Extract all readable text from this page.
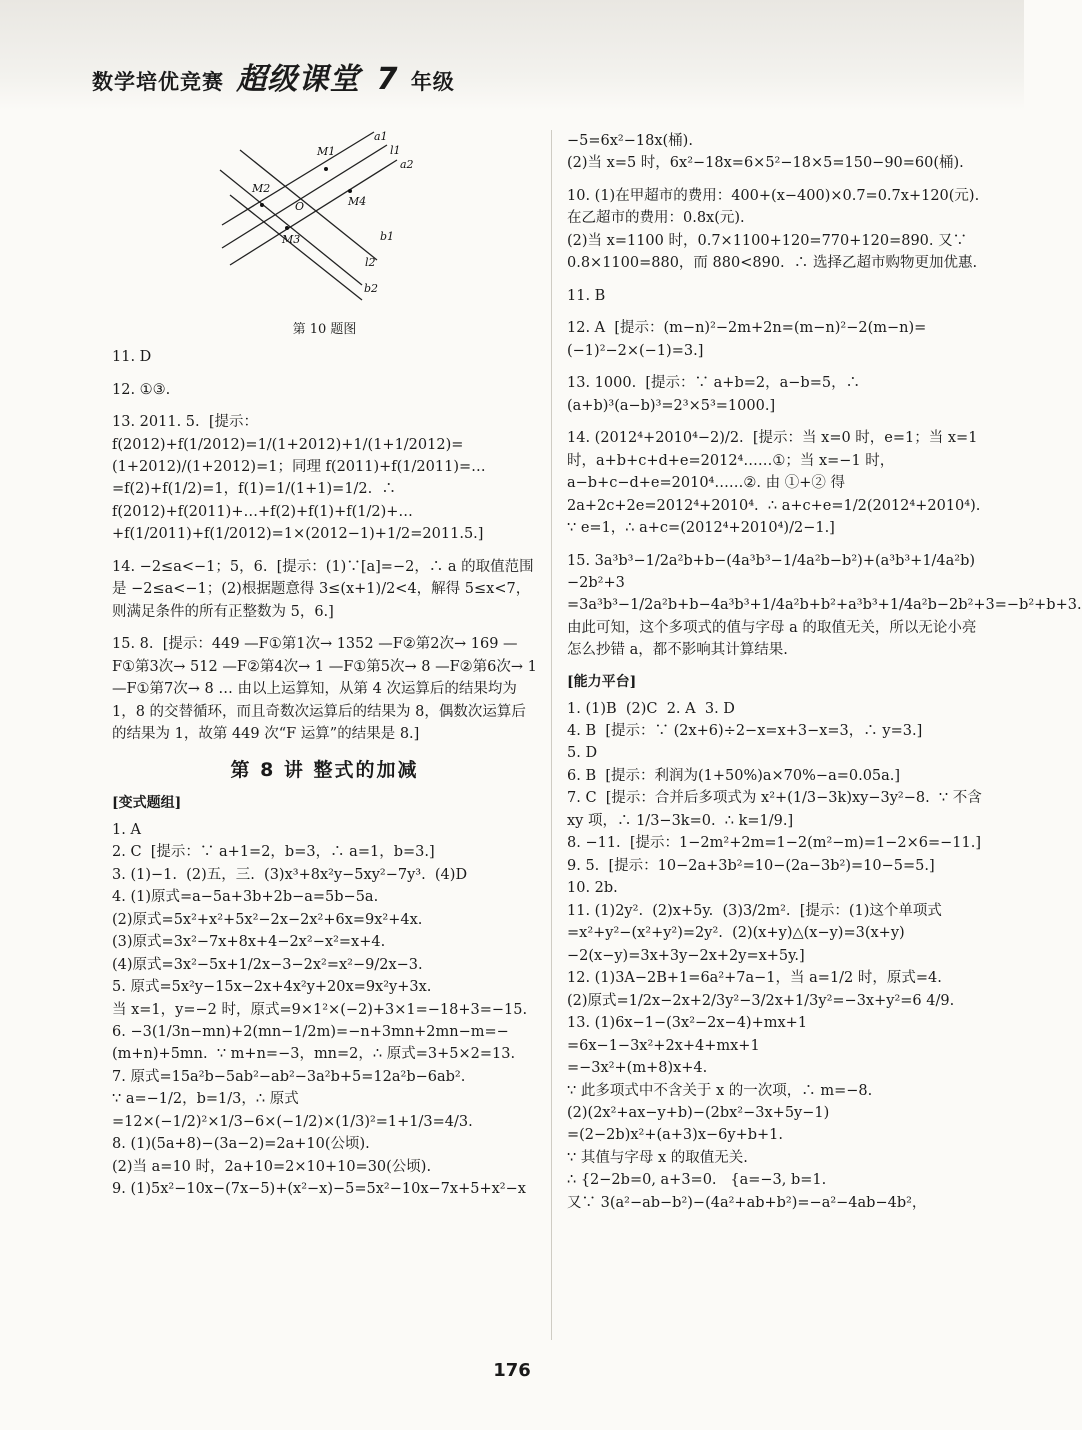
数学培优竞赛 超级课堂 7 年级
a1
l1
a2
M1
M2
O	M4
M3	b1
l2
b2

第 10 题图

11. D

12. ①③.

13. 2011. 5.  [提示：f(2012)+f(1/2012)=1/(1+2012)+1/(1+1/2012)=(1+2012)/(1+2012)=1；同理 f(2011)+f(1/2011)=…=f(2)+f(1/2)=1，f(1)=1/(1+1)=1/2.  ∴ f(2012)+f(2011)+…+f(2)+f(1)+f(1/2)+…+f(1/2011)+f(1/2012)=1×(2012−1)+1/2=2011.5.]

14. −2≤a<−1；5，6.  [提示：(1)∵[a]=−2，∴ a 的取值范围是 −2≤a<−1；(2)根据题意得 3≤(x+1)/2<4，解得 5≤x<7，则满足条件的所有正整数为 5，6.]

15. 8.  [提示：449 —F①第1次→ 1352 —F②第2次→ 169 —F①第3次→ 512 —F②第4次→ 1 —F①第5次→ 8 —F②第6次→ 1 —F①第7次→ 8 … 由以上运算知，从第 4 次运算后的结果均为 1，8 的交替循环，而且奇数次运算后的结果为 8，偶数次运算后的结果为 1，故第 449 次“F 运算”的结果是 8.]

第 8 讲 整式的加减
[变式题组]

1. A

2. C  [提示：∵ a+1=2，b=3，∴ a=1，b=3.]

3. (1)−1.  (2)五，三.  (3)x³+8x²y−5xy²−7y³.  (4)D

4. (1)原式=a−5a+3b+2b−a=5b−5a.
(2)原式=5x²+x²+5x²−2x−2x²+6x=9x²+4x.
(3)原式=3x²−7x+8x+4−2x²−x²=x+4.
(4)原式=3x²−5x+1/2x−3−2x²=x²−9/2x−3.

5. 原式=5x²y−15x−2x+4x²y+20x=9x²y+3x.
当 x=1，y=−2 时，原式=9×1²×(−2)+3×1=−18+3=−15.

6. −3(1/3n−mn)+2(mn−1/2m)=−n+3mn+2mn−m=−(m+n)+5mn.  ∵ m+n=−3，mn=2，∴ 原式=3+5×2=13.

7. 原式=15a²b−5ab²−ab²−3a²b+5=12a²b−6ab².
∵ a=−1/2，b=1/3，∴ 原式=12×(−1/2)²×1/3−6×(−1/2)×(1/3)²=1+1/3=4/3.

8. (1)(5a+8)−(3a−2)=2a+10(公顷).
(2)当 a=10 时，2a+10=2×10+10=30(公顷).

9. (1)5x²−10x−(7x−5)+(x²−x)−5=5x²−10x−7x+5+x²−x

−5=6x²−18x(桶).
(2)当 x=5 时，6x²−18x=6×5²−18×5=150−90=60(桶).

10. (1)在甲超市的费用：400+(x−400)×0.7=0.7x+120(元).
在乙超市的费用：0.8x(元).
(2)当 x=1100 时，0.7×1100+120=770+120=890. 又∵ 0.8×1100=880，而 880<890.  ∴ 选择乙超市购物更加优惠.

11. B

12. A  [提示：(m−n)²−2m+2n=(m−n)²−2(m−n)=(−1)²−2×(−1)=3.]

13. 1000.  [提示：∵ a+b=2，a−b=5，∴ (a+b)³(a−b)³=2³×5³=1000.]

14. (2012⁴+2010⁴−2)/2.  [提示：当 x=0 时，e=1；当 x=1 时，a+b+c+d+e=2012⁴……①；当 x=−1 时，a−b+c−d+e=2010⁴……②. 由 ①+② 得 2a+2c+2e=2012⁴+2010⁴.  ∴ a+c+e=1/2(2012⁴+2010⁴).  ∵ e=1，∴ a+c=(2012⁴+2010⁴)/2−1.]

15. 3a³b³−1/2a²b+b−(4a³b³−1/4a²b−b²)+(a³b³+1/4a²b)−2b²+3
=3a³b³−1/2a²b+b−4a³b³+1/4a²b+b²+a³b³+1/4a²b−2b²+3=−b²+b+3.
由此可知，这个多项式的值与字母 a 的取值无关，所以无论小亮怎么抄错 a，都不影响其计算结果.

[能力平台]

1. (1)B  (2)C  2. A  3. D

4. B  [提示：∵ (2x+6)÷2−x=x+3−x=3，∴ y=3.]

5. D

6. B  [提示：利润为(1+50%)a×70%−a=0.05a.]

7. C  [提示：合并后多项式为 x²+(1/3−3k)xy−3y²−8.  ∵ 不含 xy 项，∴ 1/3−3k=0.  ∴ k=1/9.]

8. −11.  [提示：1−2m²+2m=1−2(m²−m)=1−2×6=−11.]

9. 5.  [提示：10−2a+3b²=10−(2a−3b²)=10−5=5.]

10. 2b.

11. (1)2y².  (2)x+5y.  (3)3/2m².  [提示：(1)这个单项式=x²+y²−(x²+y²)=2y².  (2)(x+y)△(x−y)=3(x+y)−2(x−y)=3x+3y−2x+2y=x+5y.]

12. (1)3A−2B+1=6a²+7a−1，当 a=1/2 时，原式=4.
(2)原式=1/2x−2x+2/3y²−3/2x+1/3y²=−3x+y²=6 4/9.

13. (1)6x−1−(3x²−2x−4)+mx+1
=6x−1−3x²+2x+4+mx+1
=−3x²+(m+8)x+4.
∵ 此多项式中不含关于 x 的一次项，∴ m=−8.
(2)(2x²+ax−y+b)−(2bx²−3x+5y−1)
=(2−2b)x²+(a+3)x−6y+b+1.
∵ 其值与字母 x 的取值无关.
∴ {2−2b=0, a+3=0.   {a=−3, b=1.
又∵ 3(a²−ab−b²)−(4a²+ab+b²)=−a²−4ab−4b²，

176
